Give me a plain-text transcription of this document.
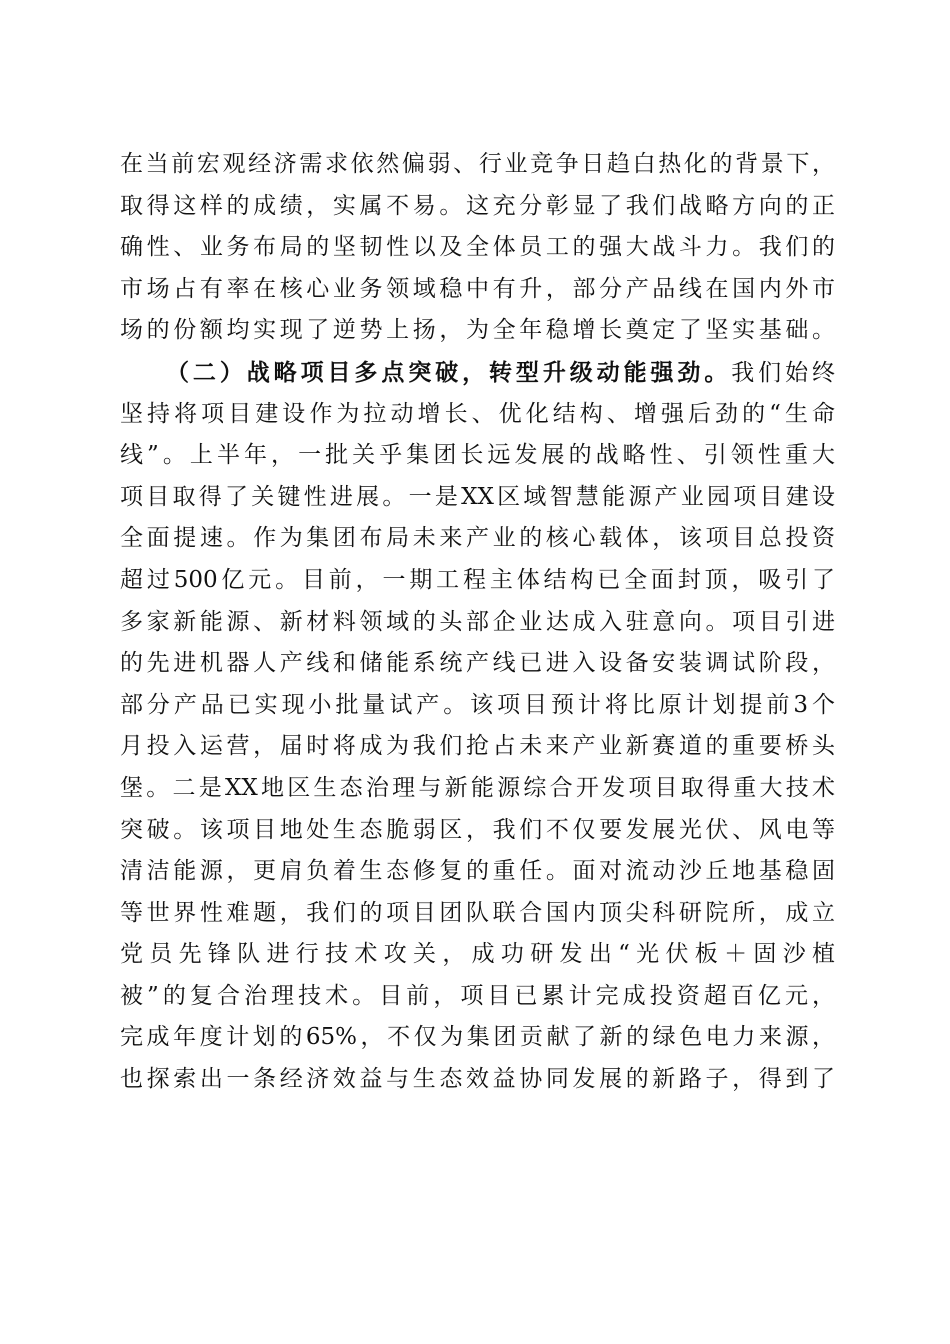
在当前宏观经济需求依然偏弱、行业竞争日趋白热化的背景下，
取得这样的成绩，实属不易。这充分彰显了我们战略方向的正
确性、业务布局的坚韧性以及全体员工的强大战斗力。我们的
市场占有率在核心业务领域稳中有升，部分产品线在国内外市
场的份额均实现了逆势上扬，为全年稳增长奠定了坚实基础。
（二）战略项目多点突破，转型升级动能强劲。我们始终
坚持将项目建设作为拉动增长、优化结构、增强后劲的“生命
线”。上半年，一批关乎集团长远发展的战略性、引领性重大
项目取得了关键性进展。一是XX区域智慧能源产业园项目建设
全面提速。作为集团布局未来产业的核心载体，该项目总投资
超过500亿元。目前，一期工程主体结构已全面封顶，吸引了
多家新能源、新材料领域的头部企业达成入驻意向。项目引进
的先进机器人产线和储能系统产线已进入设备安装调试阶段，
部分产品已实现小批量试产。该项目预计将比原计划提前3个
月投入运营，届时将成为我们抢占未来产业新赛道的重要桥头
堡。二是XX地区生态治理与新能源综合开发项目取得重大技术
突破。该项目地处生态脆弱区，我们不仅要发展光伏、风电等
清洁能源，更肩负着生态修复的重任。面对流动沙丘地基稳固
等世界性难题，我们的项目团队联合国内顶尖科研院所，成立
党员先锋队进行技术攻关，成功研发出“光伏板＋固沙植
被”的复合治理技术。目前，项目已累计完成投资超百亿元，
完成年度计划的65%，不仅为集团贡献了新的绿色电力来源，
也探索出一条经济效益与生态效益协同发展的新路子，得到了
